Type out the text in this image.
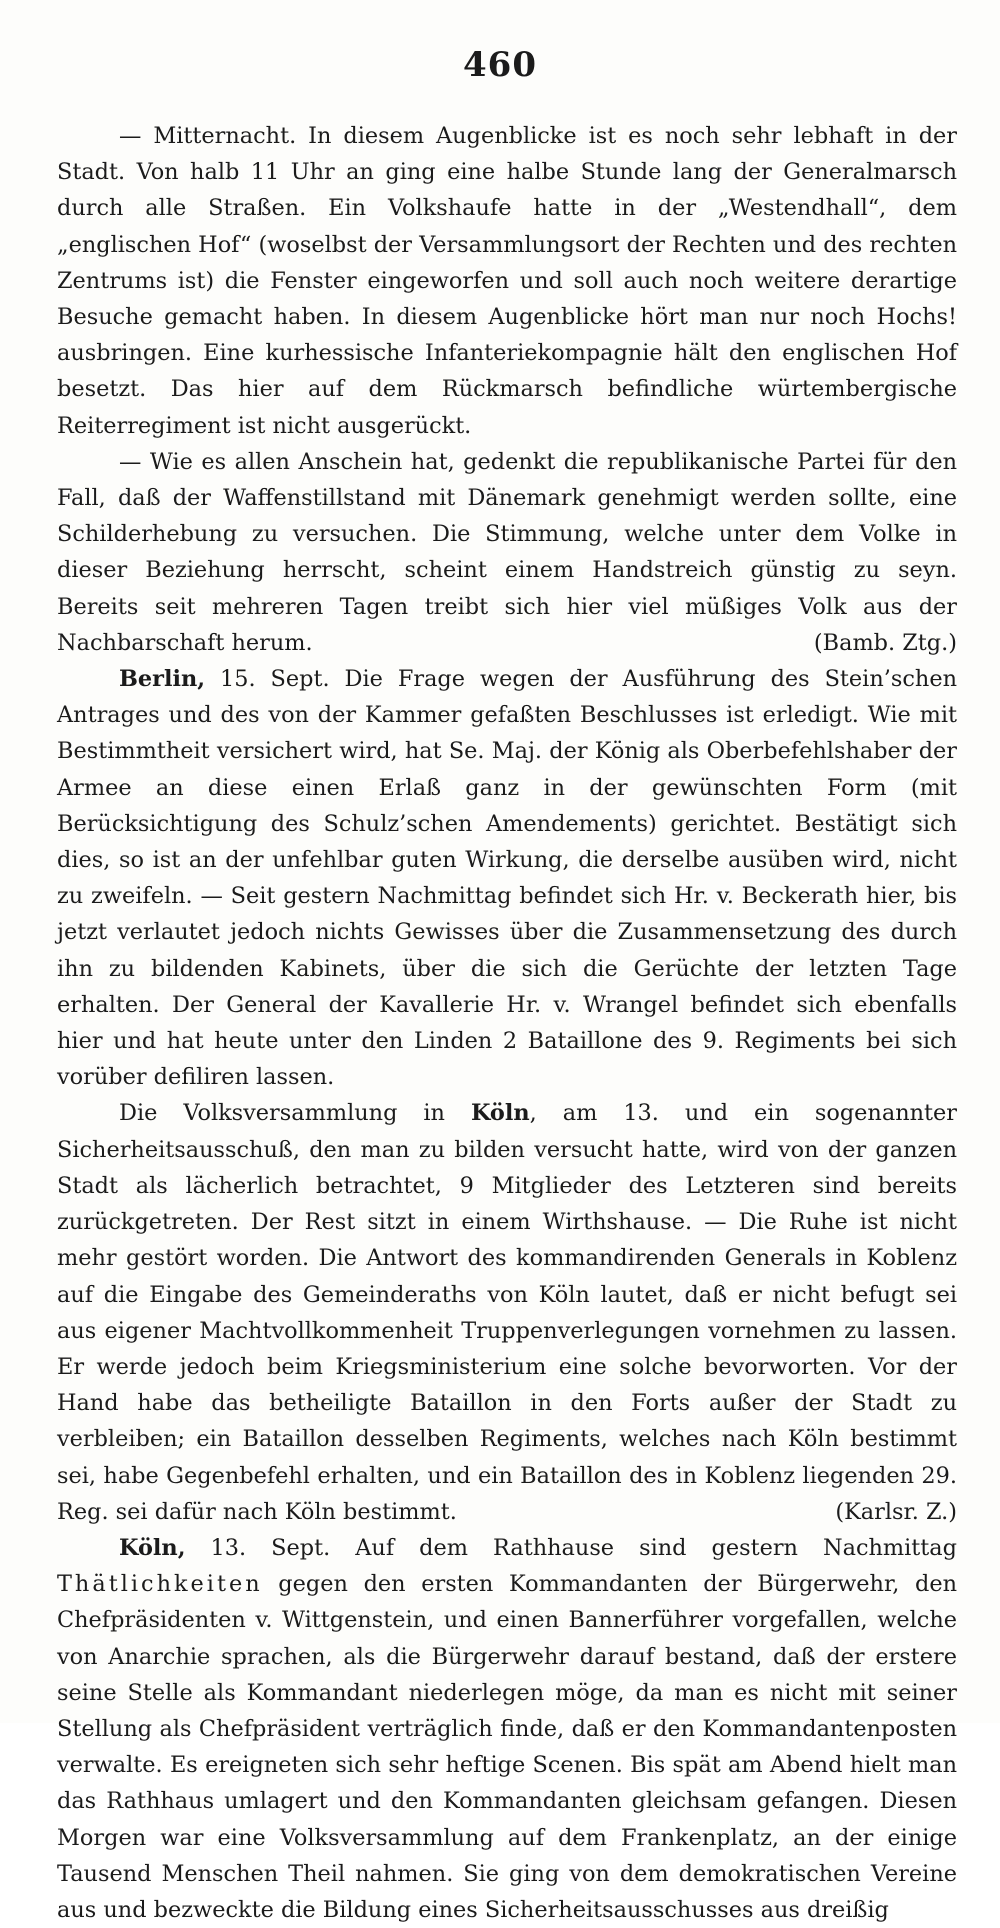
460

— Mitternacht. In diesem Augenblicke ist es noch sehr lebhaft in der Stadt. Von halb 11 Uhr an ging eine halbe Stunde lang der Generalmarsch durch alle Straßen. Ein Volkshaufe hatte in der „Westendhall“, dem „englischen Hof“ (woselbst der Versammlungsort der Rechten und des rechten Zentrums ist) die Fenster eingeworfen und soll auch noch weitere derartige Besuche gemacht haben. In diesem Augenblicke hört man nur noch Hochs! ausbringen. Eine kurhessische Infanteriekompagnie hält den englischen Hof besetzt. Das hier auf dem Rückmarsch befindliche würtembergische Reiterregiment ist nicht ausgerückt.

— Wie es allen Anschein hat, gedenkt die republikanische Partei für den Fall, daß der Waffenstillstand mit Dänemark genehmigt werden sollte, eine Schilderhebung zu versuchen. Die Stimmung, welche unter dem Volke in dieser Beziehung herrscht, scheint einem Handstreich günstig zu seyn. Bereits seit mehreren Tagen treibt sich hier viel müßiges Volk aus der Nachbarschaft herum.	(Bamb. Ztg.)

Berlin, 15. Sept. Die Frage wegen der Ausführung des Stein’schen Antrages und des von der Kammer gefaßten Beschlusses ist erledigt. Wie mit Bestimmtheit versichert wird, hat Se. Maj. der König als Oberbefehlshaber der Armee an diese einen Erlaß ganz in der gewünschten Form (mit Berücksichtigung des Schulz’schen Amendements) gerichtet. Bestätigt sich dies, so ist an der unfehlbar guten Wirkung, die derselbe ausüben wird, nicht zu zweifeln. — Seit gestern Nachmittag befindet sich Hr. v. Beckerath hier, bis jetzt verlautet jedoch nichts Gewisses über die Zusammensetzung des durch ihn zu bildenden Kabinets, über die sich die Gerüchte der letzten Tage erhalten. Der General der Kavallerie Hr. v. Wrangel befindet sich ebenfalls hier und hat heute unter den Linden 2 Bataillone des 9. Regiments bei sich vorüber defiliren lassen.

Die Volksversammlung in Köln, am 13. und ein sogenannter Sicherheitsausschuß, den man zu bilden versucht hatte, wird von der ganzen Stadt als lächerlich betrachtet, 9 Mitglieder des Letzteren sind bereits zurückgetreten. Der Rest sitzt in einem Wirthshause. — Die Ruhe ist nicht mehr gestört worden. Die Antwort des kommandirenden Generals in Koblenz auf die Eingabe des Gemeinderaths von Köln lautet, daß er nicht befugt sei aus eigener Machtvollkommenheit Truppenverlegungen vornehmen zu lassen. Er werde jedoch beim Kriegsministerium eine solche bevorworten. Vor der Hand habe das betheiligte Bataillon in den Forts außer der Stadt zu verbleiben; ein Bataillon desselben Regiments, welches nach Köln bestimmt sei, habe Gegenbefehl erhalten, und ein Bataillon des in Koblenz liegenden 29. Reg. sei dafür nach Köln bestimmt.	(Karlsr. Z.)

Köln, 13. Sept. Auf dem Rathhause sind gestern Nachmittag Thätlichkeiten gegen den ersten Kommandanten der Bürgerwehr, den Chefpräsidenten v. Wittgenstein, und einen Bannerführer vorgefallen, welche von Anarchie sprachen, als die Bürgerwehr darauf bestand, daß der erstere seine Stelle als Kommandant niederlegen möge, da man es nicht mit seiner Stellung als Chefpräsident verträglich finde, daß er den Kommandantenposten verwalte. Es ereigneten sich sehr heftige Scenen. Bis spät am Abend hielt man das Rathhaus umlagert und den Kommandanten gleichsam gefangen. Diesen Morgen war eine Volksversammlung auf dem Frankenplatz, an der einige Tausend Menschen Theil nahmen. Sie ging von dem demokratischen Vereine aus und bezweckte die Bildung eines Sicherheitsausschusses aus dreißig
